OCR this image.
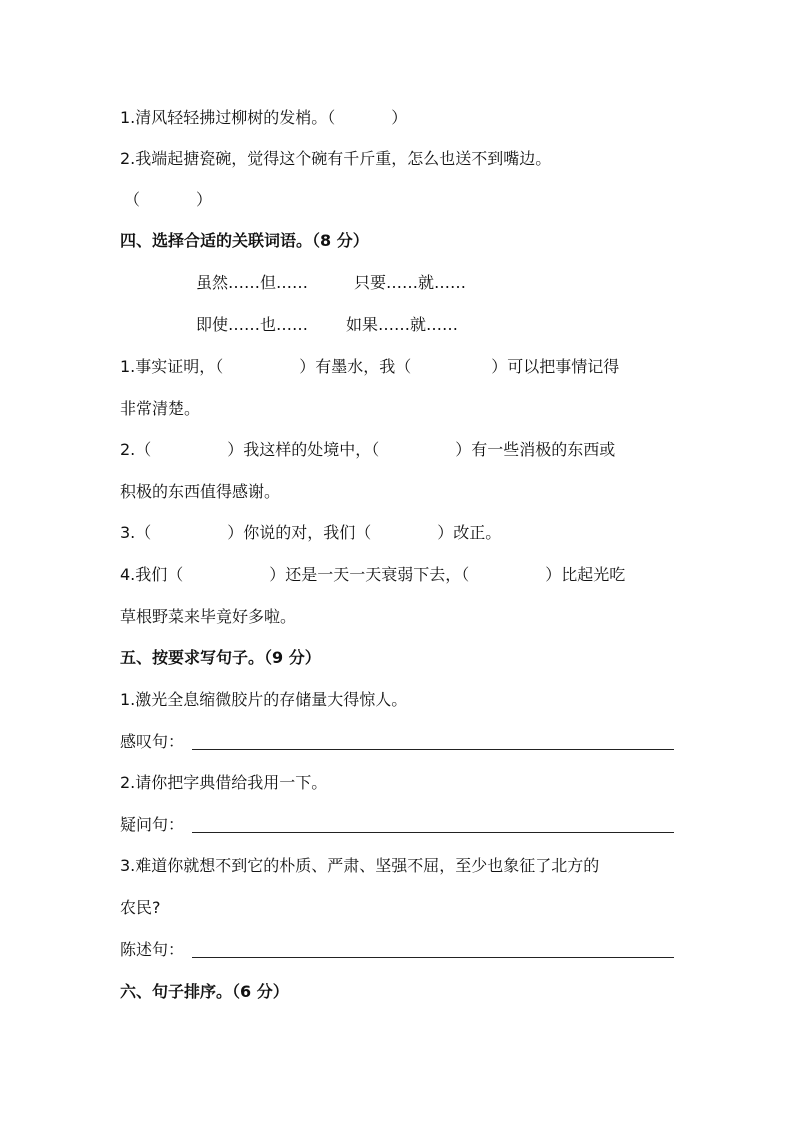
1.清风轻轻拂过柳树的发梢。（	）
2.我端起搪瓷碗，觉得这个碗有千斤重，怎么也送不到嘴边。
（	）
四、选择合适的关联词语。（8 分）
虽然……但……	只要……就……
即使……也…… 如果……就……
1.事实证明，（	）有墨水，我（	）可以把事情记得
非常清楚。
2.（	）我这样的处境中，（	）有一些消极的东西或
积极的东西值得感谢。
3.（	）你说的对，我们（	）改正。
4.我们（	）还是一天一天衰弱下去，（	）比起光吃
草根野菜来毕竟好多啦。
五、按要求写句子。（9 分）
1.激光全息缩微胶片的存储量大得惊人。
感叹句：
2.请你把字典借给我用一下。
疑问句：
3.难道你就想不到它的朴质、严肃、坚强不屈，至少也象征了北方的
农民?
陈述句：
六、句子排序。（6 分）
